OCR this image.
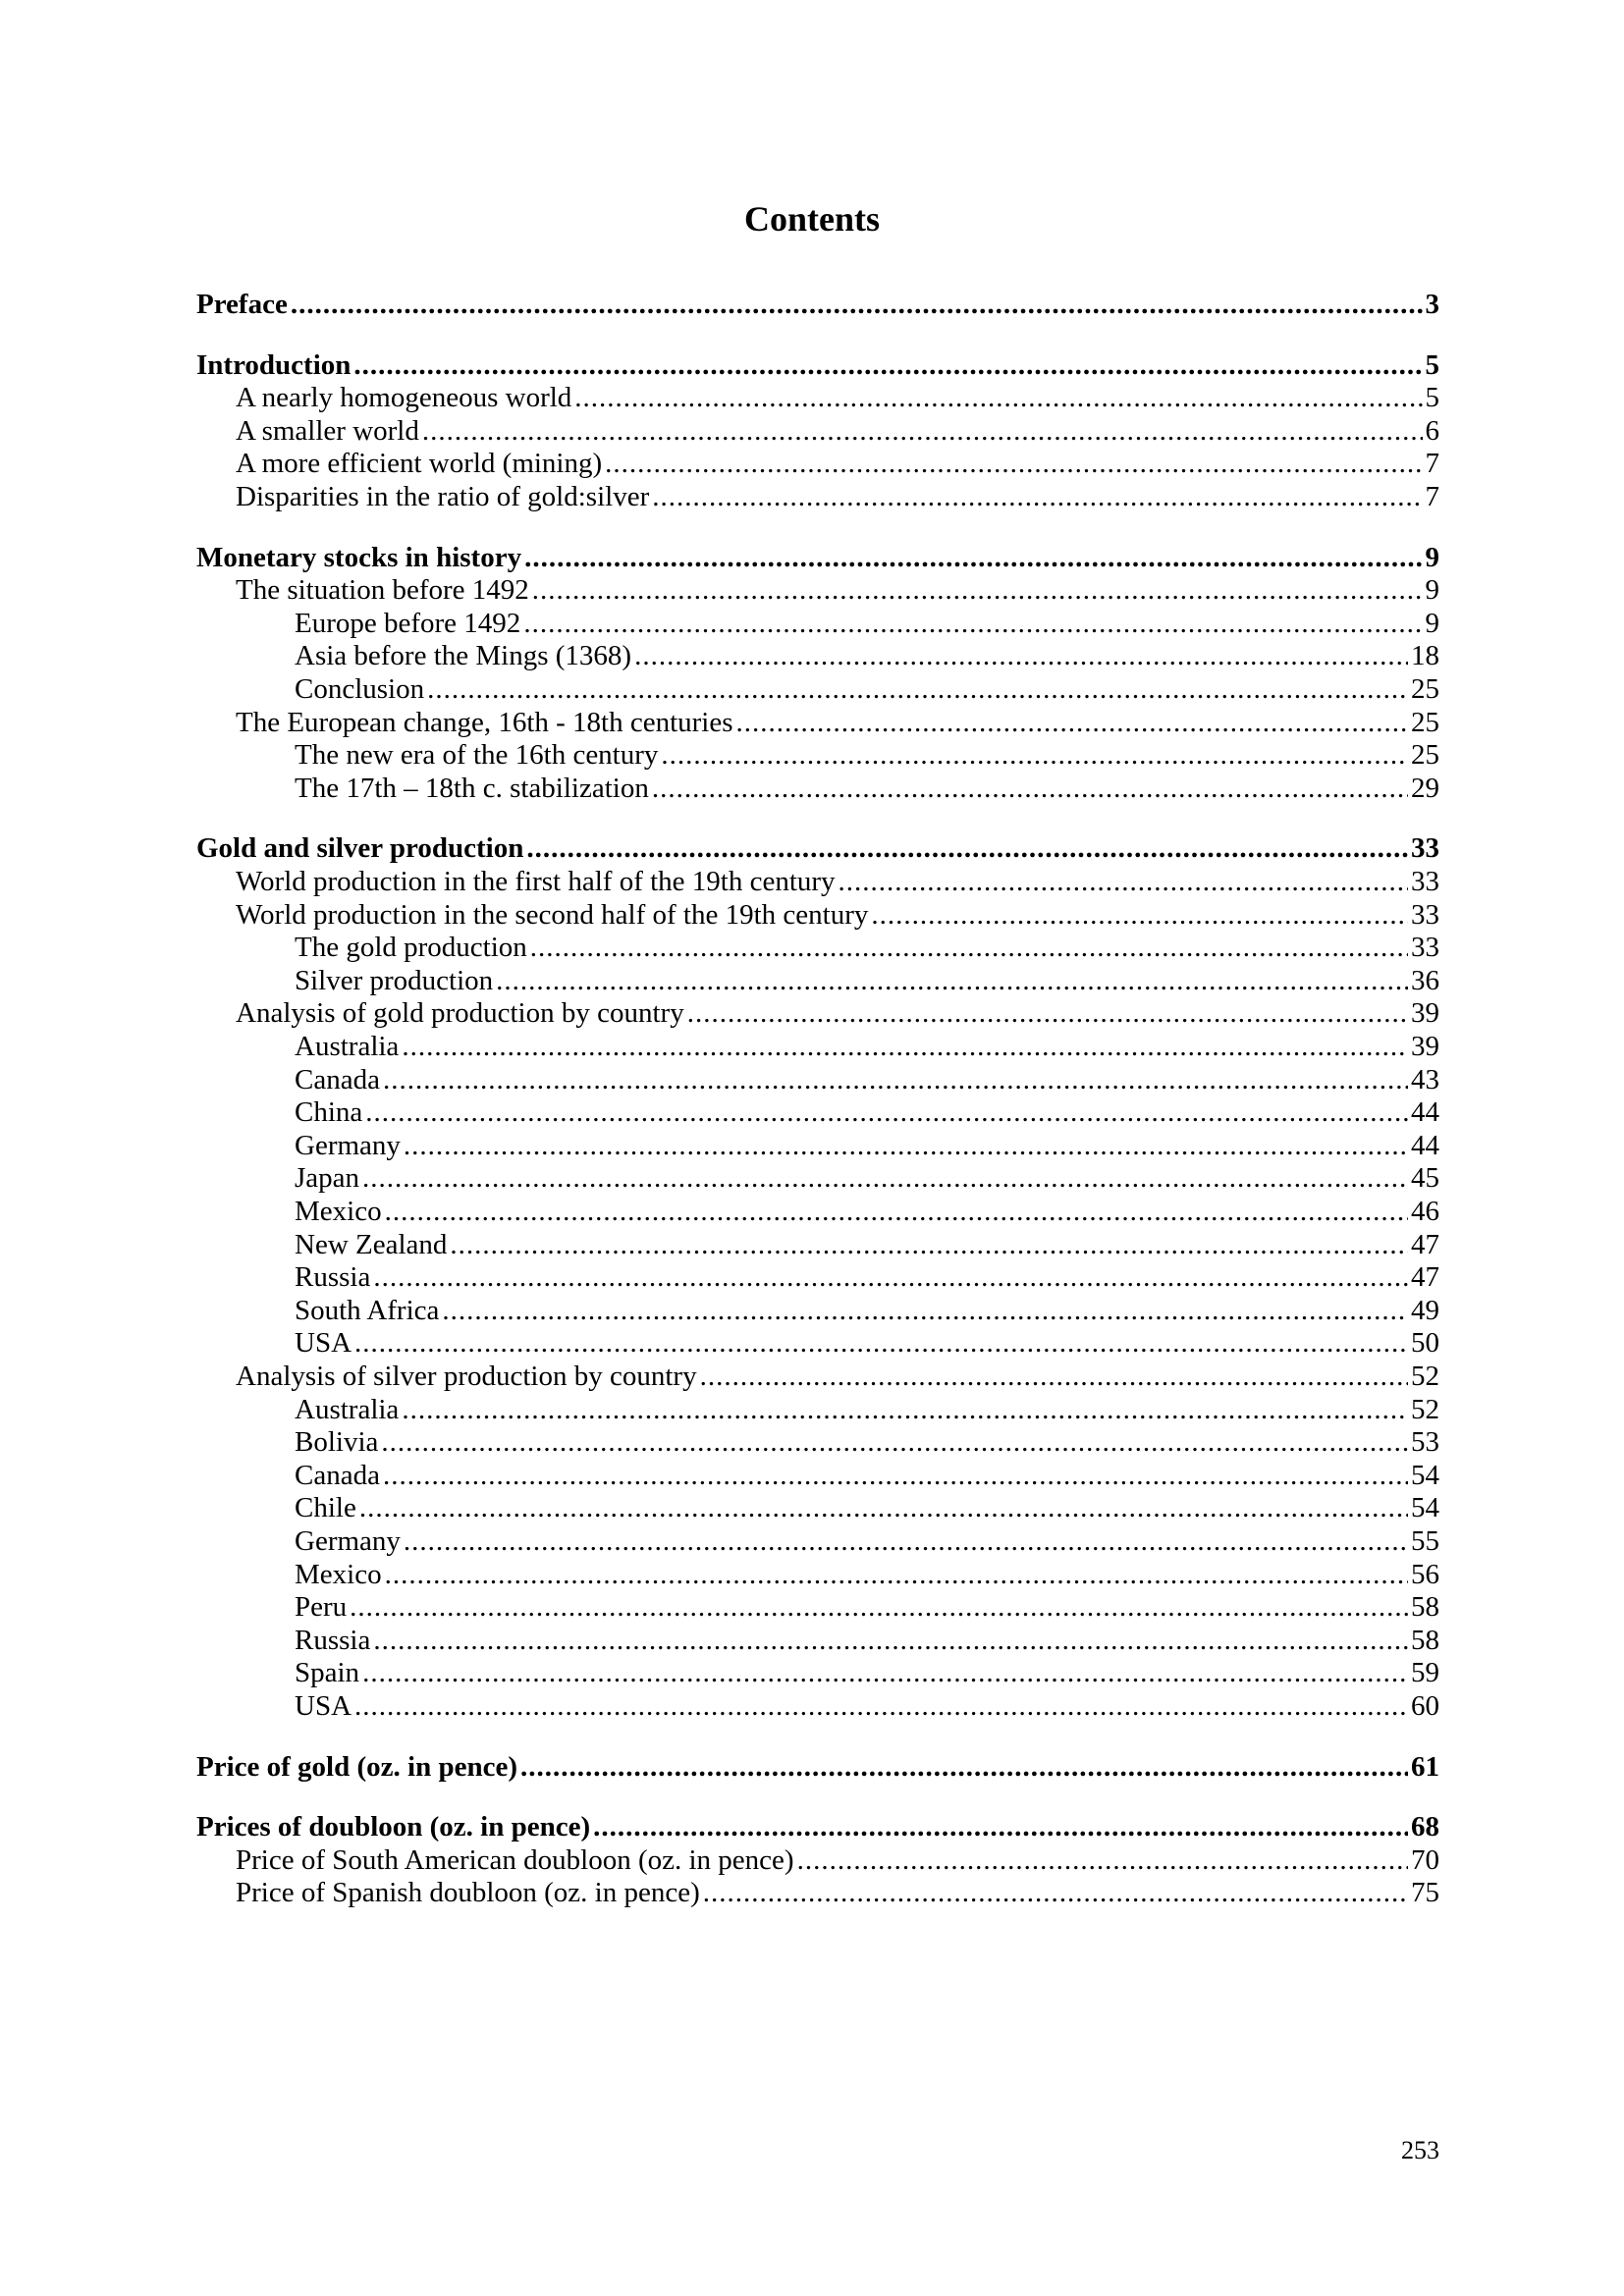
Contents
Preface .....	3
Introduction .....	5
A nearly homogeneous world .....	5
A smaller world .....	6
A more efficient world (mining) .....	7
Disparities in the ratio of gold:silver .....	7
Monetary stocks in history .....	9
The situation before 1492 .....	9
Europe before 1492 .....	9
Asia before the Mings (1368) .....	18
Conclusion .....	25
The European change, 16th - 18th centuries .....	25
The new era of the 16th century .....	25
The 17th – 18th c. stabilization .....	29
Gold and silver production .....	33
World production in the first half of the 19th century .....	33
World production in the second half of the 19th century .....	33
The gold production .....	33
Silver production .....	36
Analysis of gold production by country .....	39
Australia .....	39
Canada .....	43
China .....	44
Germany .....	44
Japan .....	45
Mexico .....	46
New Zealand .....	47
Russia .....	47
South Africa .....	49
USA .....	50
Analysis of silver production by country .....	52
Australia .....	52
Bolivia .....	53
Canada .....	54
Chile .....	54
Germany .....	55
Mexico .....	56
Peru .....	58
Russia .....	58
Spain .....	59
USA .....	60
Price of gold (oz. in pence) .....	61
Prices of doubloon (oz. in pence) .....	68
Price of South American doubloon (oz. in pence) .....	70
Price of Spanish doubloon (oz. in pence) .....	75
253
